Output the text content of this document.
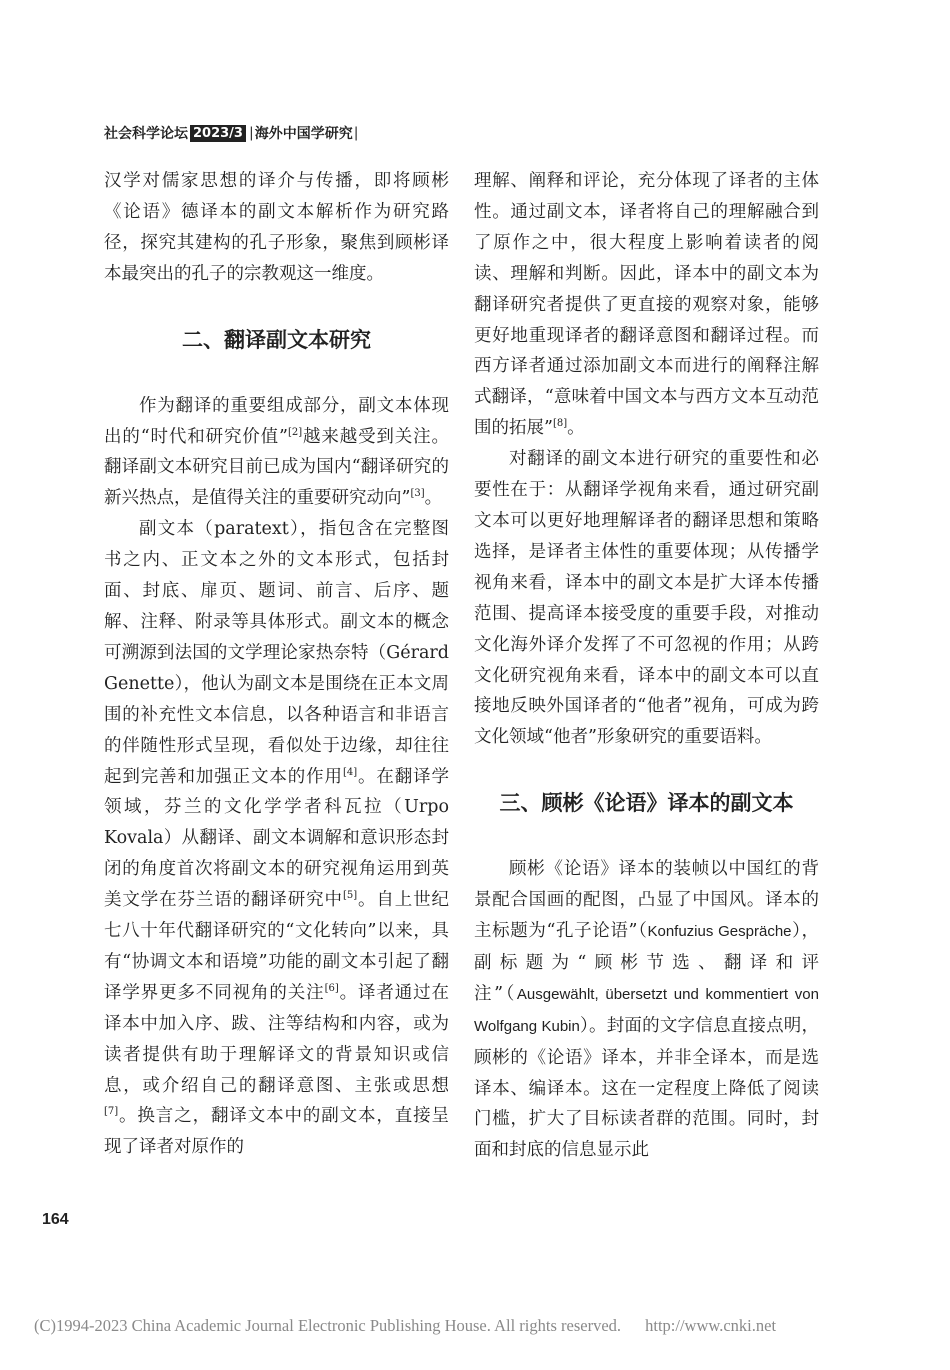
社会科学论坛 2023/3 | 海外中国学研究 |

汉学对儒家思想的译介与传播，即将顾彬《论语》德译本的副文本解析作为研究路径，探究其建构的孔子形象，聚焦到顾彬译本最突出的孔子的宗教观这一维度。

二、翻译副文本研究

作为翻译的重要组成部分，副文本体现出的“时代和研究价值”[2]越来越受到关注。翻译副文本研究目前已成为国内“翻译研究的新兴热点，是值得关注的重要研究动向”[3]。

副文本（paratext），指包含在完整图书之内、正文本之外的文本形式，包括封面、封底、扉页、题词、前言、后序、题解、注释、附录等具体形式。副文本的概念可溯源到法国的文学理论家热奈特（Gérard Genette），他认为副文本是围绕在正本文周围的补充性文本信息，以各种语言和非语言的伴随性形式呈现，看似处于边缘，却往往起到完善和加强正文本的作用[4]。在翻译学领域，芬兰的文化学学者科瓦拉（Urpo Kovala）从翻译、副文本调解和意识形态封闭的角度首次将副文本的研究视角运用到英美文学在芬兰语的翻译研究中[5]。自上世纪七八十年代翻译研究的“文化转向”以来，具有“协调文本和语境”功能的副文本引起了翻译学界更多不同视角的关注[6]。译者通过在译本中加入序、跋、注等结构和内容，或为读者提供有助于理解译文的背景知识或信息，或介绍自己的翻译意图、主张或思想[7]。换言之，翻译文本中的副文本，直接呈现了译者对原作的

理解、阐释和评论，充分体现了译者的主体性。通过副文本，译者将自己的理解融合到了原作之中，很大程度上影响着读者的阅读、理解和判断。因此，译本中的副文本为翻译研究者提供了更直接的观察对象，能够更好地重现译者的翻译意图和翻译过程。而西方译者通过添加副文本而进行的阐释注解式翻译，“意味着中国文本与西方文本互动范围的拓展”[8]。

对翻译的副文本进行研究的重要性和必要性在于：从翻译学视角来看，通过研究副文本可以更好地理解译者的翻译思想和策略选择，是译者主体性的重要体现；从传播学视角来看，译本中的副文本是扩大译本传播范围、提高译本接受度的重要手段，对推动文化海外译介发挥了不可忽视的作用；从跨文化研究视角来看，译本中的副文本可以直接地反映外国译者的“他者”视角，可成为跨文化领域“他者”形象研究的重要语料。

三、顾彬《论语》译本的副文本

顾彬《论语》译本的装帧以中国红的背景配合国画的配图，凸显了中国风。译本的主标题为“孔子论语”（Konfuzius Gespräche），副标题为“顾彬节选、翻译和评注”（Ausgewählt, übersetzt und kommentiert von Wolfgang Kubin）。封面的文字信息直接点明，顾彬的《论语》译本，并非全译本，而是选译本、编译本。这在一定程度上降低了阅读门槛，扩大了目标读者群的范围。同时，封面和封底的信息显示此

164
(C)1994-2023 China Academic Journal Electronic Publishing House. All rights reserved. http://www.cnki.net
